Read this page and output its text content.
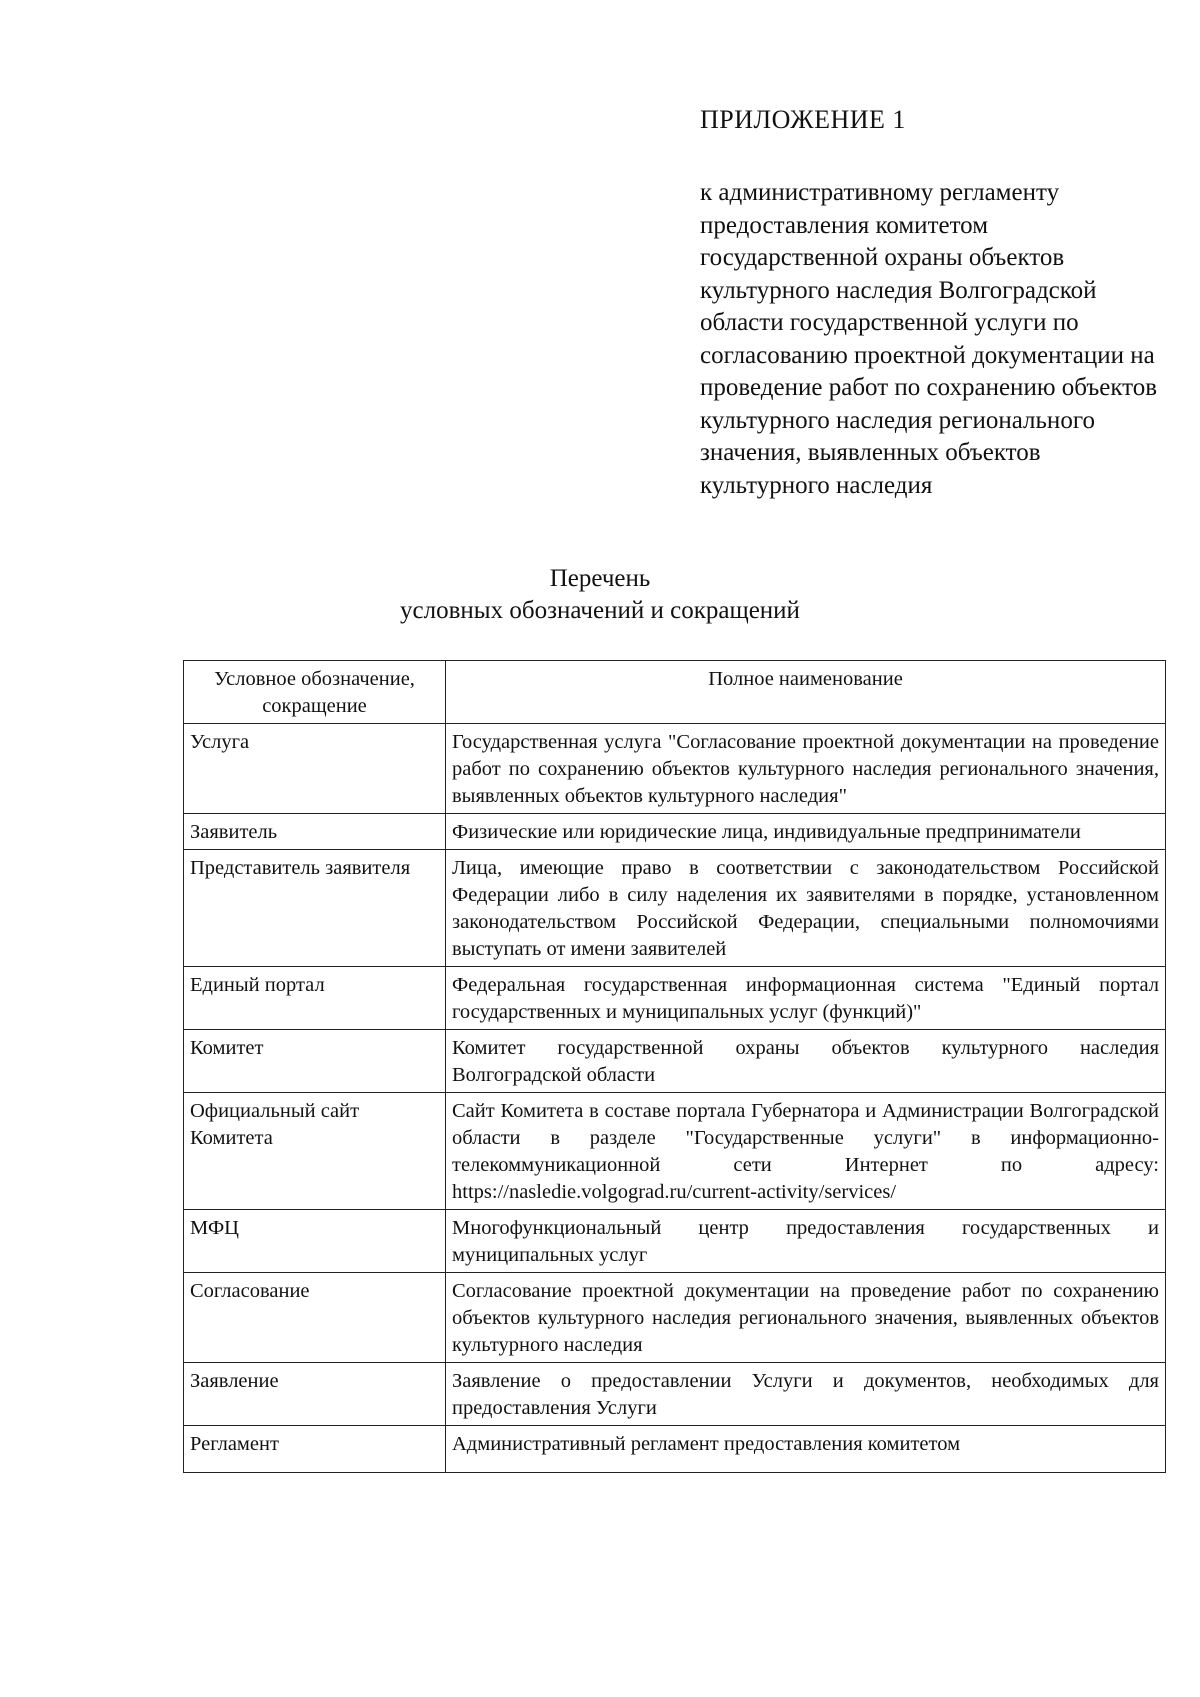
ПРИЛОЖЕНИЕ 1
к административному регламенту предоставления комитетом государственной охраны объектов культурного наследия Волгоградской области государственной услуги по согласованию проектной документации на проведение работ по сохранению объектов культурного наследия регионального значения, выявленных объектов культурного наследия
Перечень
условных обозначений и сокращений
Условное обозначение, сокращение	Полное наименование
Услуга	Государственная услуга "Согласование проектной документации на проведение работ по сохранению объектов культурного наследия регионального значения, выявленных объектов культурного наследия"
Заявитель	Физические или юридические лица, индивидуальные предприниматели
Представитель заявителя	Лица, имеющие право в соответствии с законодательством Российской Федерации либо в силу наделения их заявителями в порядке, установленном законодательством Российской Федерации, специальными полномочиями выступать от имени заявителей
Единый портал	Федеральная государственная информационная система "Единый портал государственных и муниципальных услуг (функций)"
Комитет	Комитет государственной охраны объектов культурного наследия Волгоградской области
Официальный сайт Комитета	Сайт Комитета в составе портала Губернатора и Администрации Волгоградской области в разделе "Государственные услуги" в информационно-телекоммуникационной сети Интернет по адресу: https://nasledie.volgograd.ru/current-activity/services/
МФЦ	Многофункциональный центр предоставления государственных и муниципальных услуг
Согласование	Согласование проектной документации на проведение работ по сохранению объектов культурного наследия регионального значения, выявленных объектов культурного наследия
Заявление	Заявление о предоставлении Услуги и документов, необходимых для предоставления Услуги
Регламент	Административный регламент предоставления комитетом
